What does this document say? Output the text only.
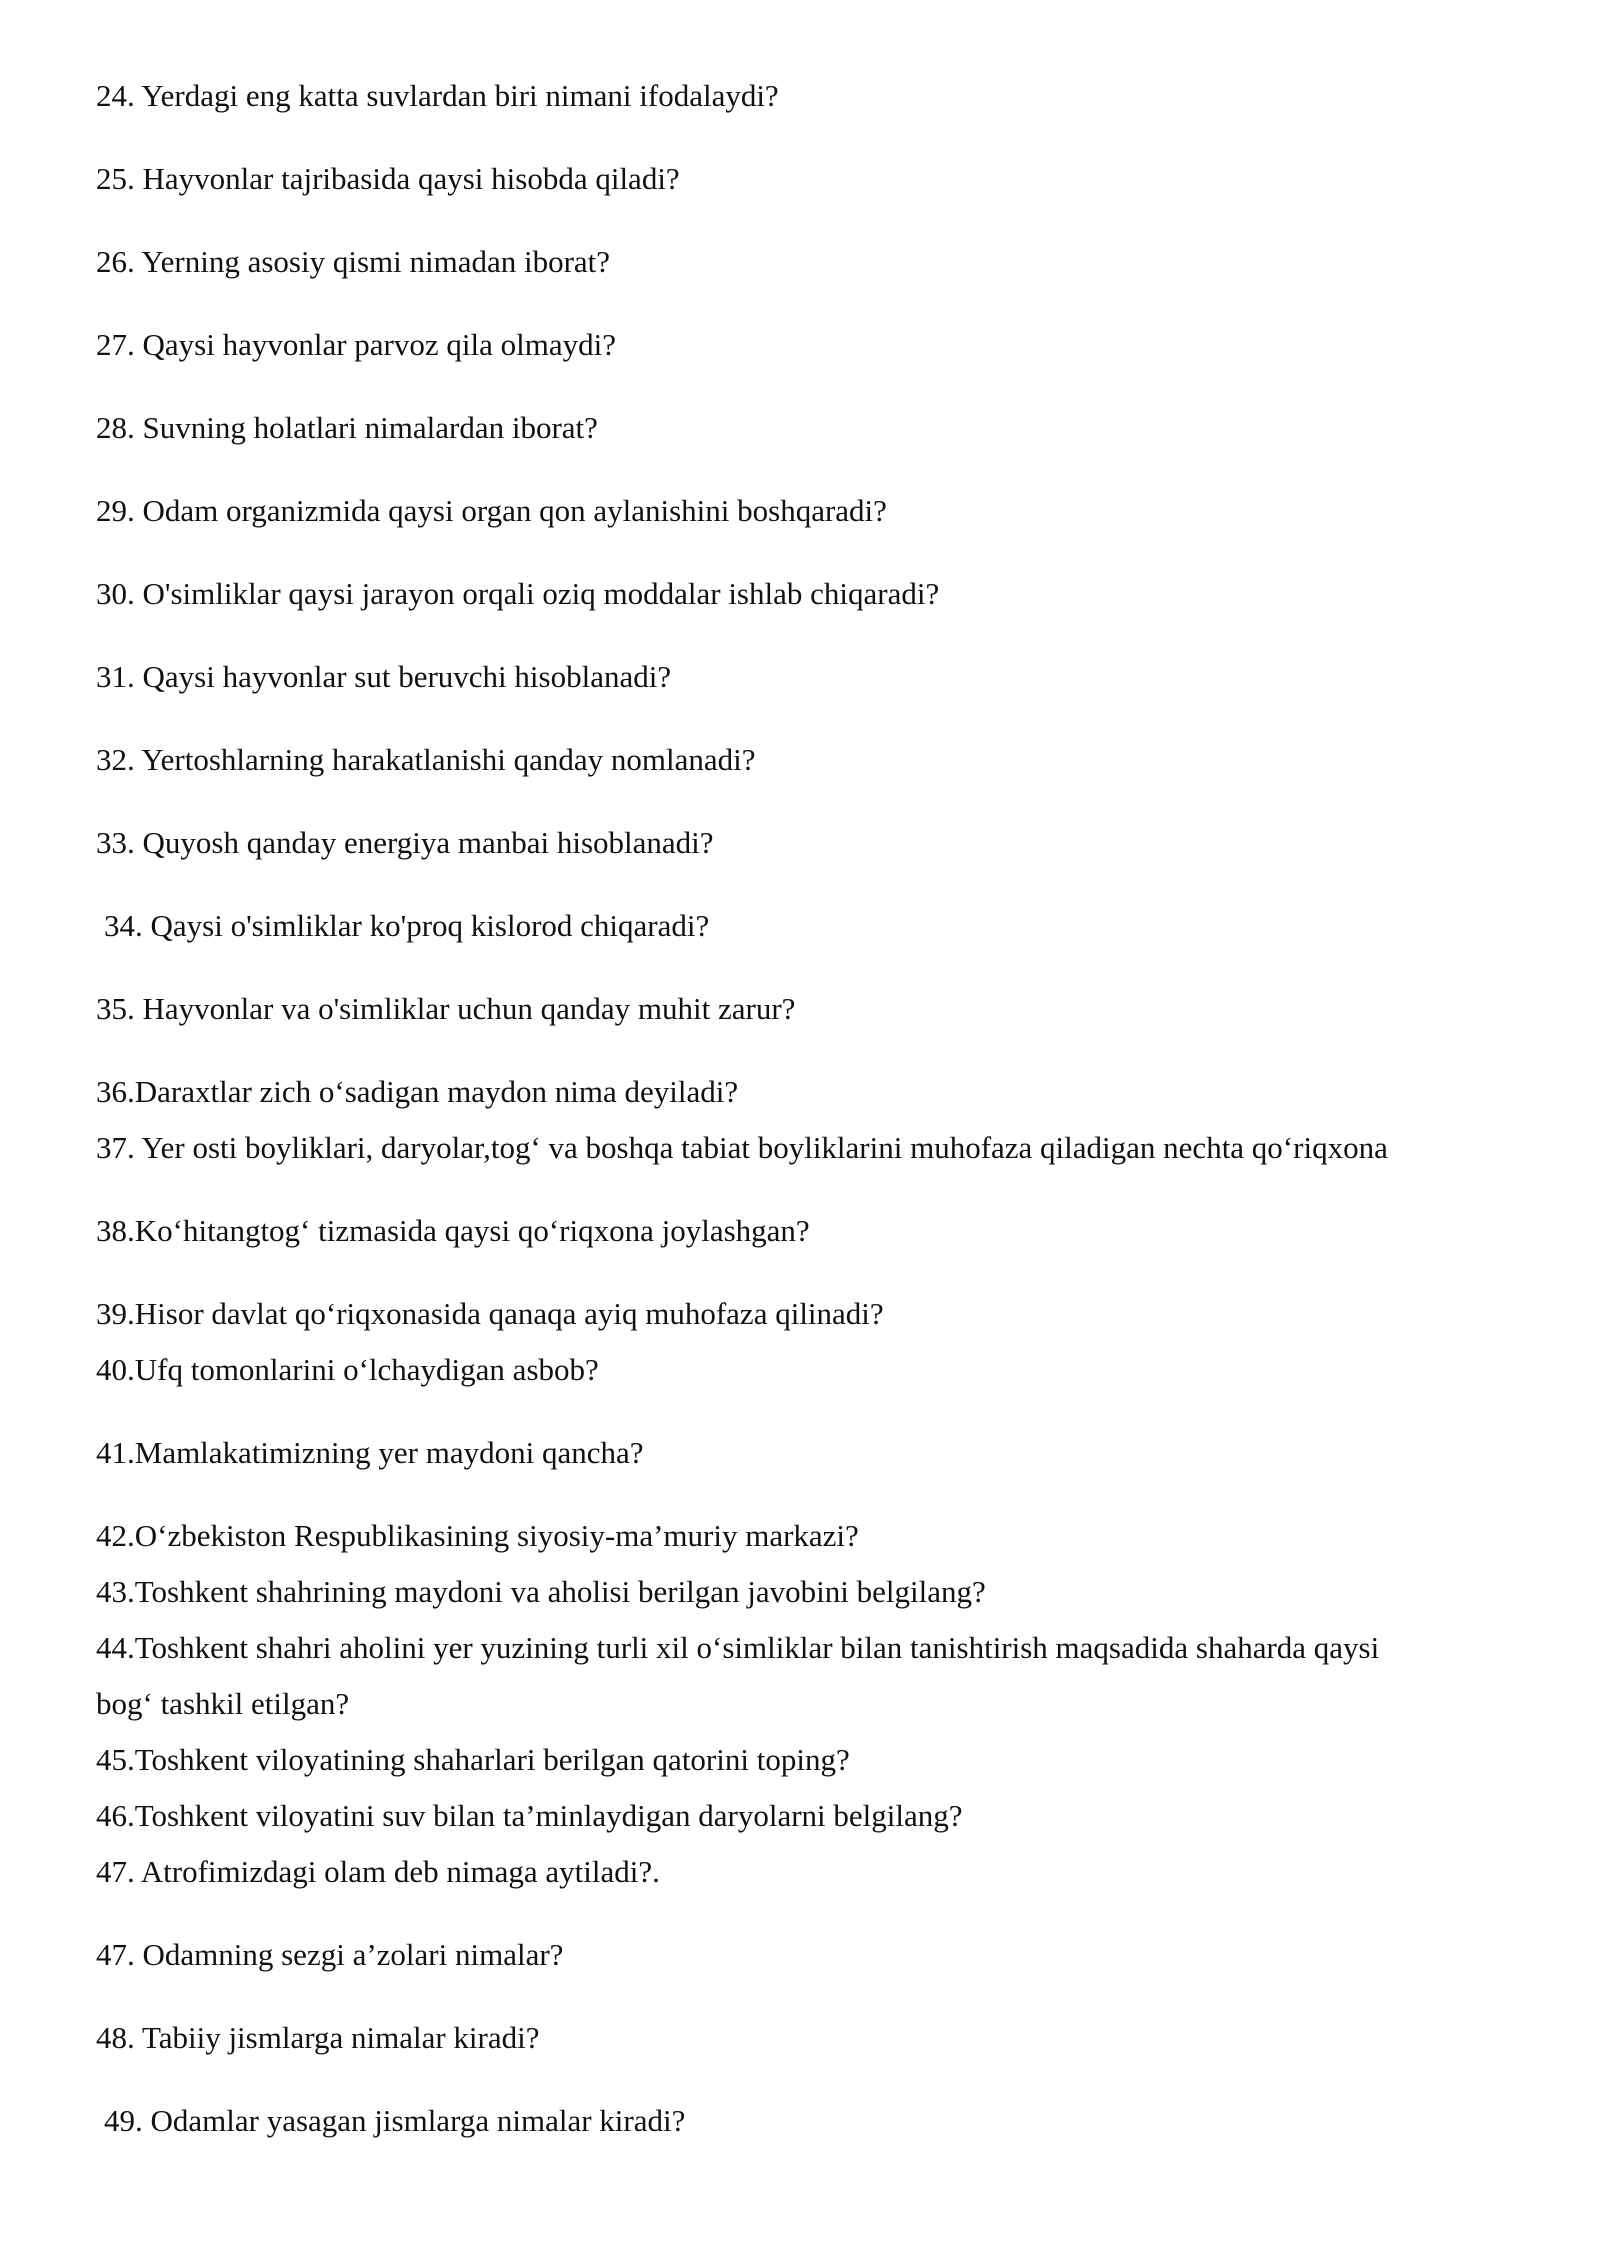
24. Yerdagi eng katta suvlardan biri nimani ifodalaydi?
25. Hayvonlar tajribasida qaysi hisobda qiladi?
26. Yerning asosiy qismi nimadan iborat?
27. Qaysi hayvonlar parvoz qila olmaydi?
28. Suvning holatlari nimalardan iborat?
29. Odam organizmida qaysi organ qon aylanishini boshqaradi?
30. O'simliklar qaysi jarayon orqali oziq moddalar ishlab chiqaradi?
31. Qaysi hayvonlar sut beruvchi hisoblanadi?
32. Yertoshlarning harakatlanishi qanday nomlanadi?
33. Quyosh qanday energiya manbai hisoblanadi?
34. Qaysi o'simliklar ko'proq kislorod chiqaradi?
35. Hayvonlar va o'simliklar uchun qanday muhit zarur?
36.Daraxtlar zich o‘sadigan maydon nima deyiladi?
37. Yer osti boyliklari, daryolar,tog‘ va boshqa tabiat boyliklarini muhofaza qiladigan nechta qo‘riqxona
38.Ko‘hitangtog‘ tizmasida qaysi qo‘riqxona joylashgan?
39.Hisor davlat qo‘riqxonasida qanaqa ayiq muhofaza qilinadi?
40.Ufq tomonlarini o‘lchaydigan asbob?
41.Mamlakatimizning yer maydoni qancha?
42.O‘zbekiston Respublikasining siyosiy-ma’muriy markazi?
43.Toshkent shahrining maydoni va aholisi berilgan javobini belgilang?
44.Toshkent shahri aholini yer yuzining turli xil o‘simliklar bilan tanishtirish maqsadida shaharda qaysi
bog‘ tashkil etilgan?
45.Toshkent viloyatining shaharlari berilgan qatorini toping?
46.Toshkent viloyatini suv bilan ta’minlaydigan daryolarni belgilang?
47. Atrofimizdagi olam deb nimaga aytiladi?.
47. Odamning sezgi a’zolari nimalar?
48. Tabiiy jismlarga nimalar kiradi?
49. Odamlar yasagan jismlarga nimalar kiradi?
